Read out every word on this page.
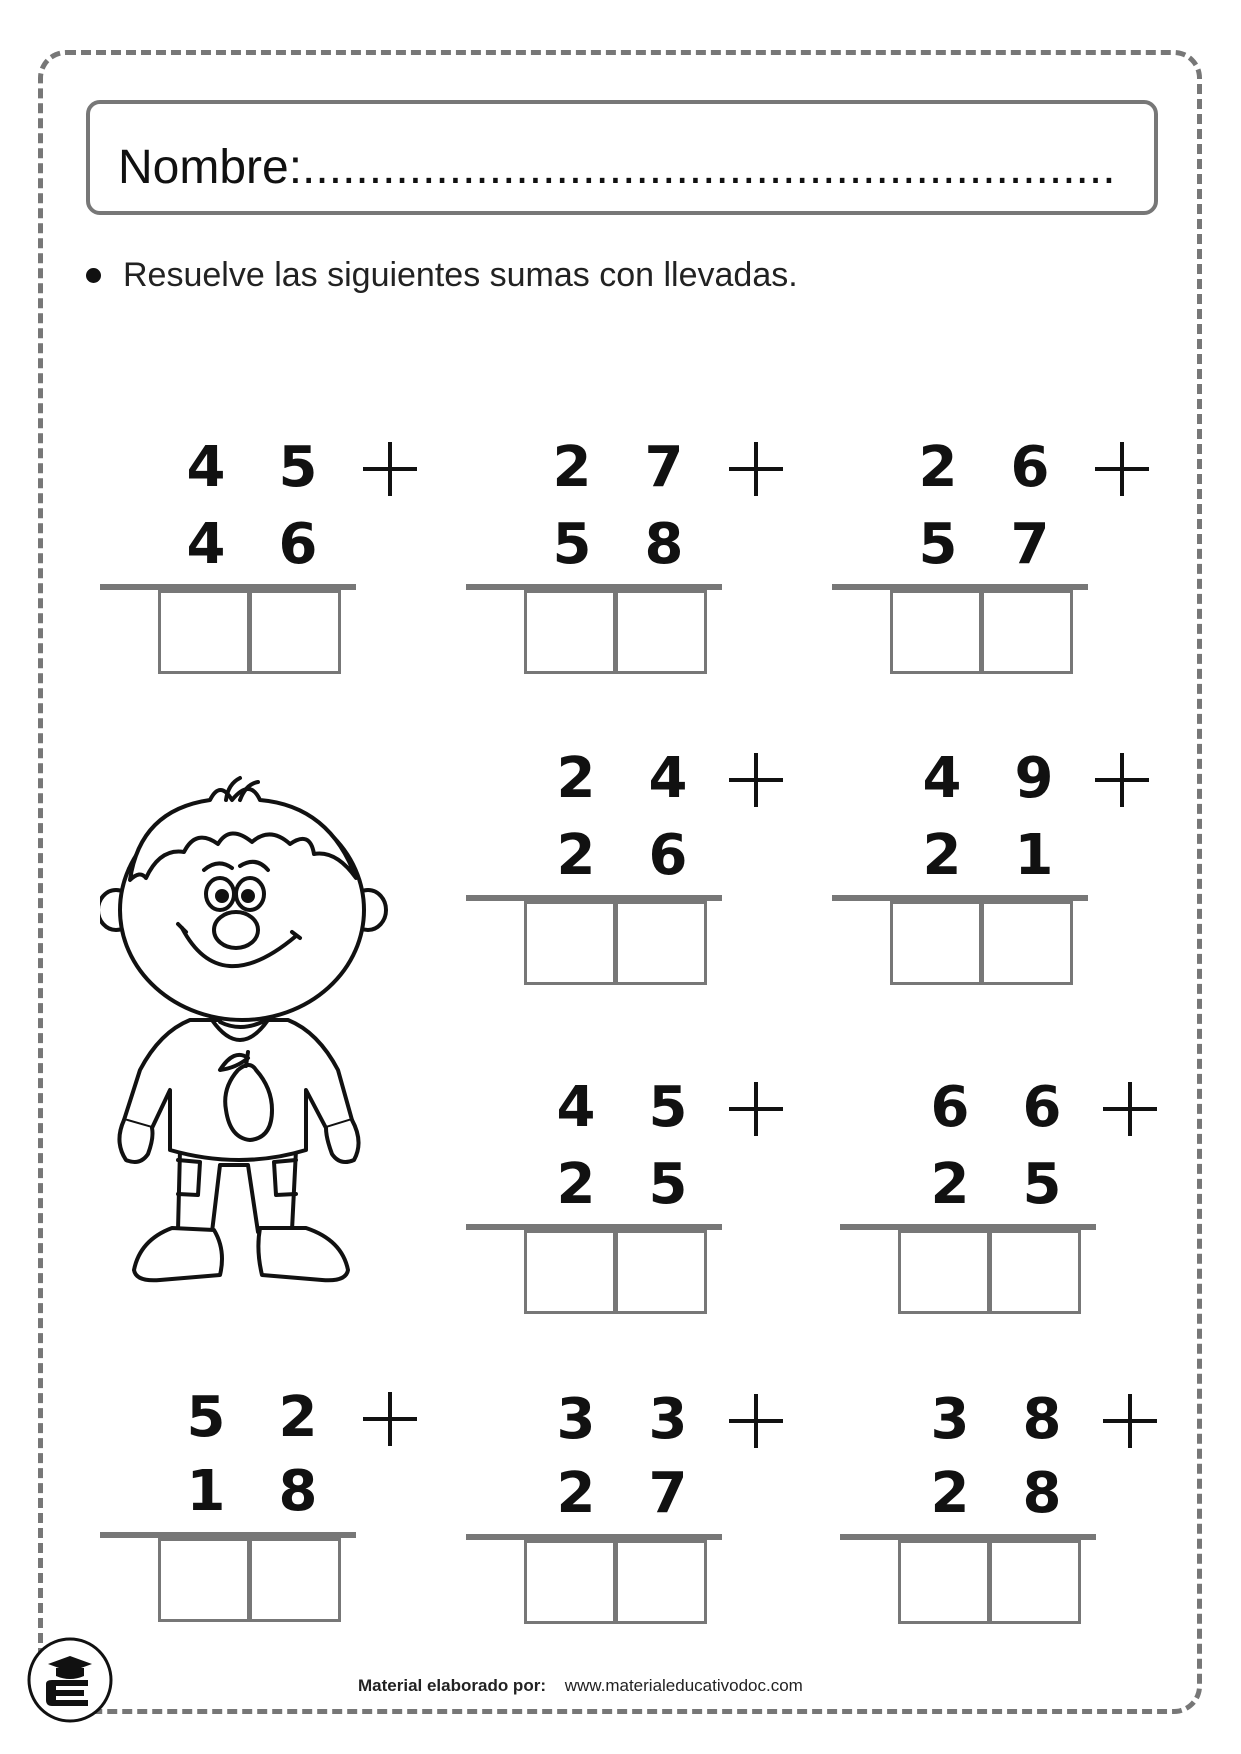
Nombre:.............................................................
Resuelve las siguientes sumas con llevadas.
4 5
4 6
2 7
5 8
2 6
5 7
2 4
2 6
4 9
2 1
4 5
2 5
6 6
2 5
5 2
1 8
3 3
2 7
3 8
2 8
Material elaborado por: www.materialeducativodoc.com
